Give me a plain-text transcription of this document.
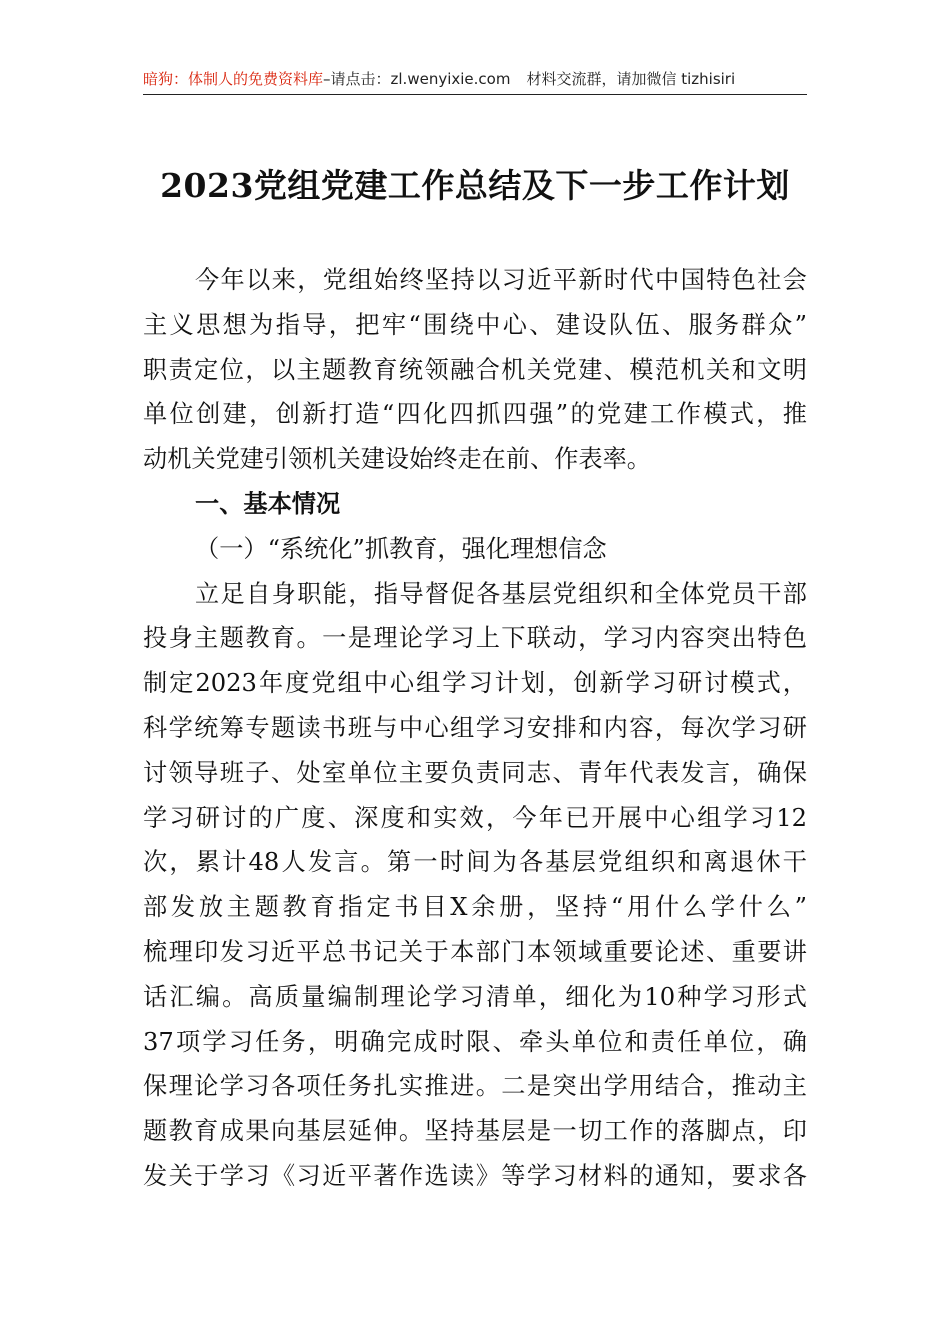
暗狗：体制人的免费资料库–请点击：zl.wenyixie.com 材料交流群，请加微信 tizhisiri
2023党组党建工作总结及下一步工作计划
今年以来，党组始终坚持以习近平新时代中国特色社会
主义思想为指导，把牢“围绕中心、建设队伍、服务群众”
职责定位，以主题教育统领融合机关党建、模范机关和文明
单位创建，创新打造“四化四抓四强”的党建工作模式，推
动机关党建引领机关建设始终走在前、作表率。
一、基本情况
（一）“系统化”抓教育，强化理想信念
立足自身职能，指导督促各基层党组织和全体党员干部
投身主题教育。一是理论学习上下联动，学习内容突出特色
制定2023年度党组中心组学习计划，创新学习研讨模式，
科学统筹专题读书班与中心组学习安排和内容，每次学习研
讨领导班子、处室单位主要负责同志、青年代表发言，确保
学习研讨的广度、深度和实效，今年已开展中心组学习12
次，累计48人发言。第一时间为各基层党组织和离退休干
部发放主题教育指定书目X余册，坚持“用什么学什么”
梳理印发习近平总书记关于本部门本领域重要论述、重要讲
话汇编。高质量编制理论学习清单，细化为10种学习形式
37项学习任务，明确完成时限、牵头单位和责任单位，确
保理论学习各项任务扎实推进。二是突出学用结合，推动主
题教育成果向基层延伸。坚持基层是一切工作的落脚点，印
发关于学习《习近平著作选读》等学习材料的通知，要求各
